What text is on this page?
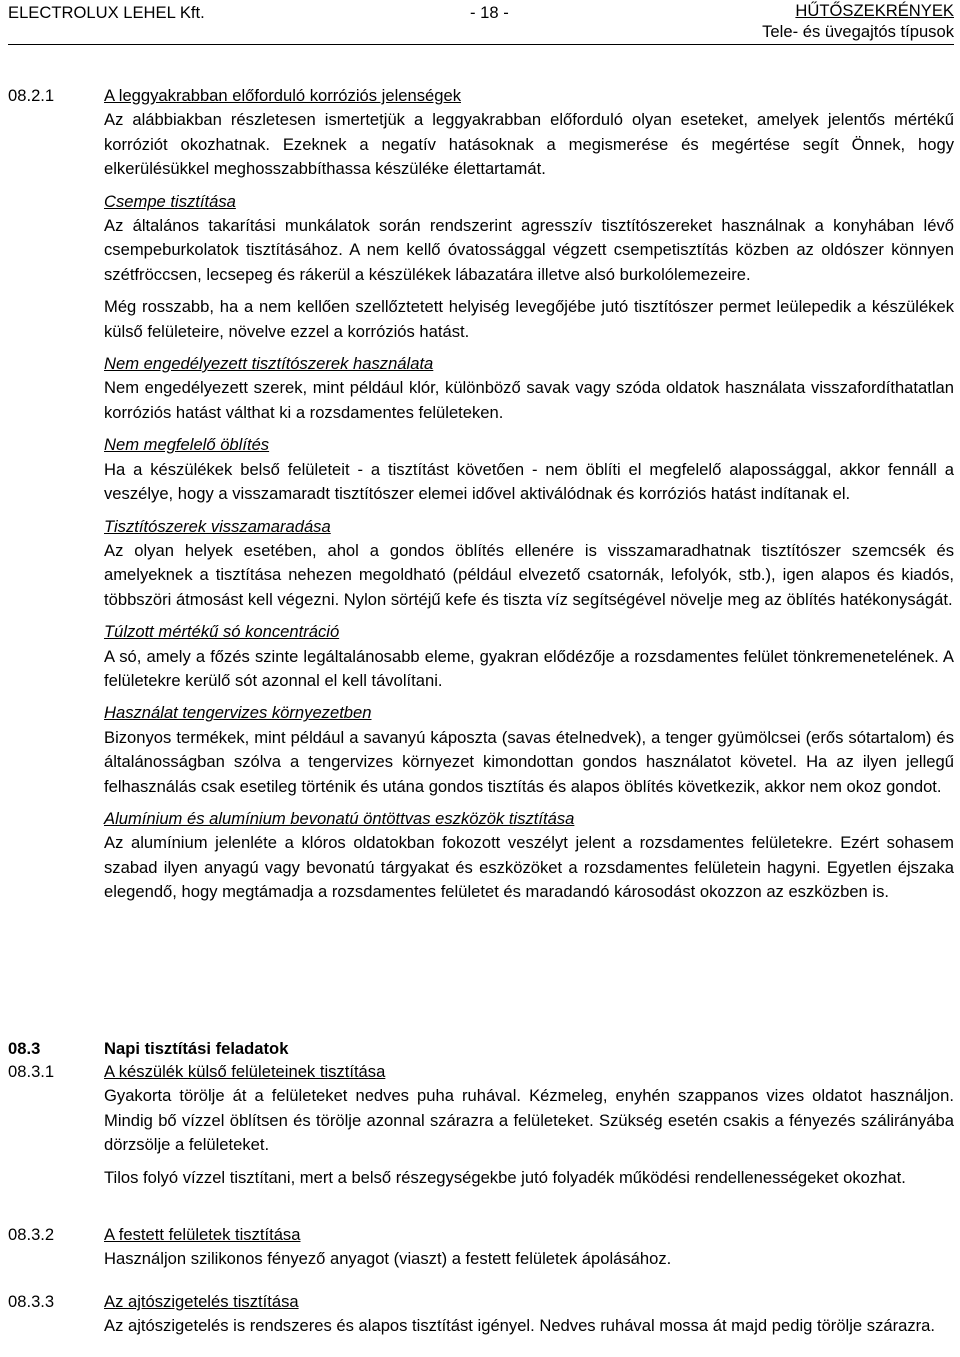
ELECTROLUX LEHEL Kft.	- 18 -	HŰTŐSZEKRÉNYEK
Tele- és üvegajtós típusok
08.2.1	A leggyakrabban előforduló korróziós jelenségek

Az alábbiakban részletesen ismertetjük a leggyakrabban előforduló olyan eseteket, amelyek jelentős mértékű korróziót okozhatnak. Ezeknek a negatív hatásoknak a megismerése és megértése segít Önnek, hogy elkerülésükkel meghosszabbíthassa készüléke élettartamát.

Csempe tisztítása

Az általános takarítási munkálatok során rendszerint agresszív tisztítószereket használnak a konyhában lévő csempeburkolatok tisztításához. A nem kellő óvatossággal végzett csempetisztítás közben az oldószer könnyen szétfröccsen, lecsepeg és rákerül a készülékek lábazatára illetve alsó burkolólemezeire.

Még rosszabb, ha a nem kellően szellőztetett helyiség levegőjébe jutó tisztítószer permet leülepedik a készülékek külső felületeire, növelve ezzel a korróziós hatást.

Nem engedélyezett tisztítószerek használata

Nem engedélyezett szerek, mint például klór, különböző savak vagy szóda oldatok használata visszafordíthatatlan korróziós hatást válthat ki a rozsdamentes felületeken.

Nem megfelelő öblítés

Ha a készülékek belső felületeit - a tisztítást követően - nem öblíti el megfelelő alapossággal, akkor fennáll a veszélye, hogy a visszamaradt tisztítószer elemei idővel aktiválódnak és korróziós hatást indítanak el.

Tisztítószerek visszamaradása

Az olyan helyek esetében, ahol a gondos öblítés ellenére is visszamaradhatnak tisztítószer szemcsék és amelyeknek a tisztítása nehezen megoldható (például elvezető csatornák, lefolyók, stb.), igen alapos és kiadós, többszöri átmosást kell végezni. Nylon sörtéjű kefe és tiszta víz segítségével növelje meg az öblítés hatékonyságát.

Túlzott mértékű só koncentráció

A só, amely a főzés szinte legáltalánosabb eleme, gyakran elődézője a rozsdamentes felület tönkremenetelének. A felületekre kerülő sót azonnal el kell távolítani.

Használat tengervizes környezetben

Bizonyos termékek, mint például a savanyú káposzta (savas ételnedvek), a tenger gyümölcsei (erős sótartalom) és általánosságban szólva a tengervizes környezet kimondottan gondos használatot követel. Ha az ilyen jellegű felhasználás csak esetileg történik és utána gondos tisztítás és alapos öblítés következik, akkor nem okoz gondot.

Alumínium és alumínium bevonatú öntöttvas eszközök tisztítása

Az alumínium jelenléte a klóros oldatokban fokozott veszélyt jelent a rozsdamentes felületekre. Ezért sohasem szabad ilyen anyagú vagy bevonatú tárgyakat és eszközöket a rozsdamentes felületein hagyni. Egyetlen éjszaka elegendő, hogy megtámadja a rozsdamentes felületet és maradandó károsodást okozzon az eszközben is.

08.3	Napi tisztítási feladatok
08.3.1	A készülék külső felületeinek tisztítása

Gyakorta törölje át a felületeket nedves puha ruhával. Kézmeleg, enyhén szappanos vizes oldatot használjon. Mindig bő vízzel öblítsen és törölje azonnal szárazra a felületeket. Szükség esetén csakis a fényezés szálirányába dörzsölje a felületeket.

Tilos folyó vízzel tisztítani, mert a belső részegységekbe jutó folyadék működési rendellenességeket okozhat.

08.3.2	A festett felületek tisztítása

Használjon szilikonos fényező anyagot (viaszt) a festett felületek ápolásához.

08.3.3	Az ajtószigetelés tisztítása

Az ajtószigetelés is rendszeres és alapos tisztítást igényel. Nedves ruhával mossa át majd pedig törölje szárazra.
